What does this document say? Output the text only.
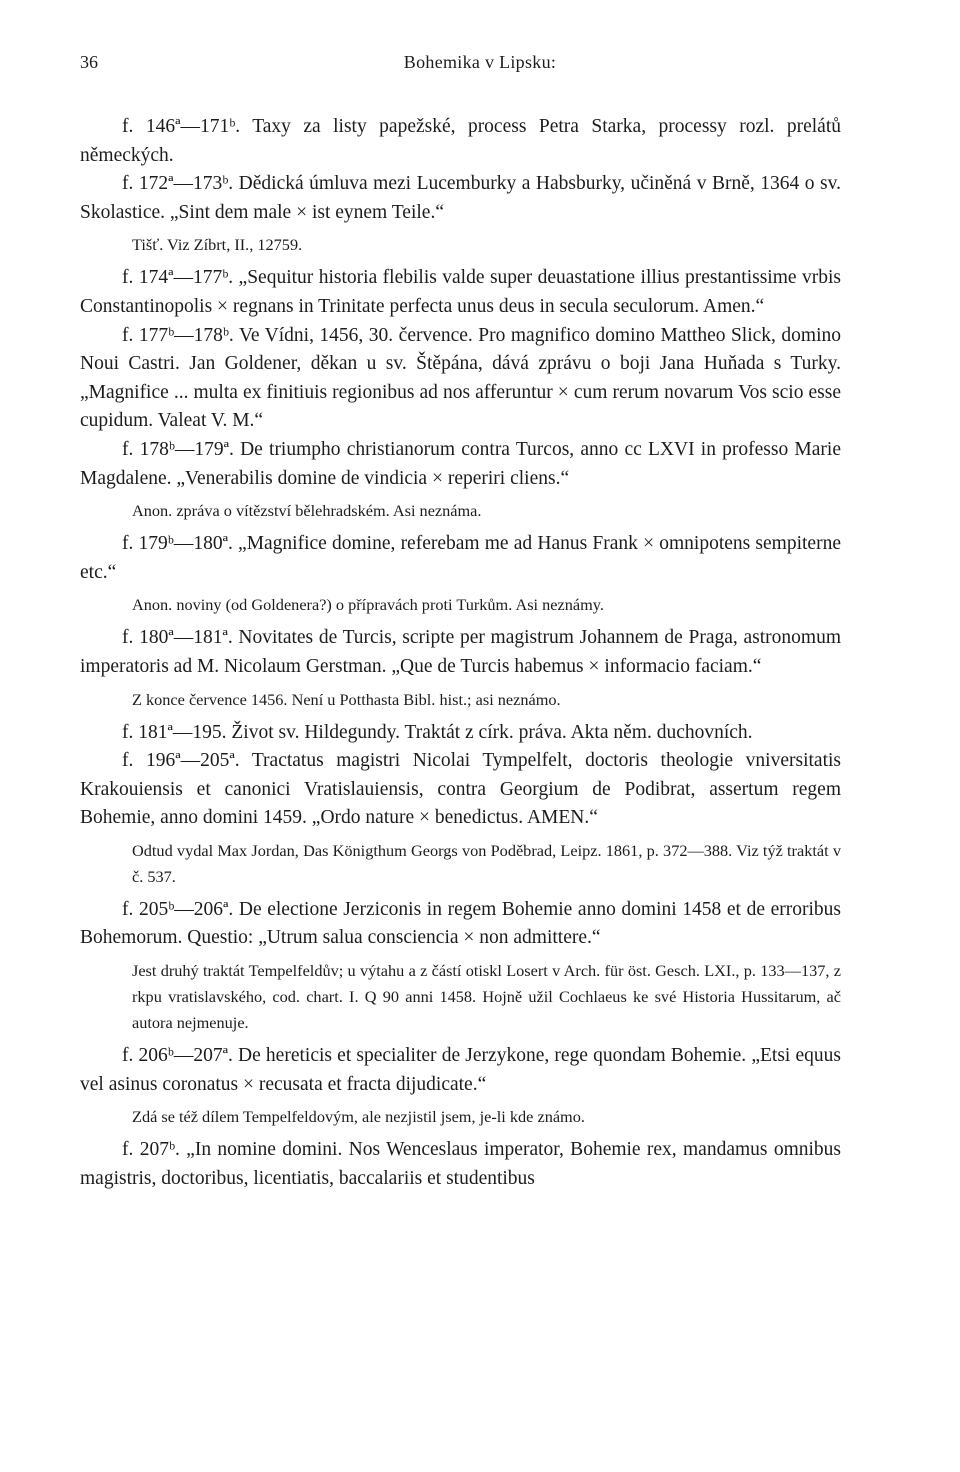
36	Bohemika v Lipsku:

f. 146ª—171ᵇ. Taxy za listy papežské, process Petra Starka, processy rozl. prelátů německých.

f. 172ª—173ᵇ. Dědická úmluva mezi Lucemburky a Habsburky, učiněná v Brně, 1364 o sv. Skolastice. „Sint dem male × ist eynem Teile.“

Tišť. Viz Zíbrt, II., 12759.

f. 174ª—177ᵇ. „Sequitur historia flebilis valde super deuastatione illius prestantissime vrbis Constantinopolis × regnans in Trinitate perfecta unus deus in secula seculorum. Amen.“

f. 177ᵇ—178ᵇ. Ve Vídni, 1456, 30. července. Pro magnifico domino Mattheo Slick, domino Noui Castri. Jan Goldener, děkan u sv. Štěpána, dává zprávu o boji Jana Huňada s Turky. „Magnifice ... multa ex finitiuis regionibus ad nos afferuntur × cum rerum novarum Vos scio esse cupidum. Valeat V. M.“

f. 178ᵇ—179ª. De triumpho christianorum contra Turcos, anno cc LXVI in professo Marie Magdalene. „Venerabilis domine de vindicia × reperiri cliens.“

Anon. zpráva o vítězství bělehradském. Asi neznáma.

f. 179ᵇ—180ª. „Magnifice domine, referebam me ad Hanus Frank × omnipotens sempiterne etc.“

Anon. noviny (od Goldenera?) o přípravách proti Turkům. Asi neznámy.

f. 180ª—181ª. Novitates de Turcis, scripte per magistrum Johannem de Praga, astronomum imperatoris ad M. Nicolaum Gerstman. „Que de Turcis habemus × informacio faciam.“

Z konce července 1456. Není u Potthasta Bibl. hist.; asi neznámo.

f. 181ª—195. Život sv. Hildegundy. Traktát z círk. práva. Akta něm. duchovních.

f. 196ª—205ª. Tractatus magistri Nicolai Tympelfelt, doctoris theologie vniversitatis Krakouiensis et canonici Vratislauiensis, contra Georgium de Podibrat, assertum regem Bohemie, anno domini 1459. „Ordo nature × benedictus. AMEN.“

Odtud vydal Max Jordan, Das Königthum Georgs von Poděbrad, Leipz. 1861, p. 372—388. Viz týž traktát v č. 537.

f. 205ᵇ—206ª. De electione Jerziconis in regem Bohemie anno domini 1458 et de erroribus Bohemorum. Questio: „Utrum salua consciencia × non admittere.“

Jest druhý traktát Tempelfeldův; u výtahu a z částí otiskl Losert v Arch. für öst. Gesch. LXI., p. 133—137, z rkpu vratislavského, cod. chart. I. Q 90 anni 1458. Hojně užil Cochlaeus ke své Historia Hussitarum, ač autora nejmenuje.

f. 206ᵇ—207ª. De hereticis et specialiter de Jerzykone, rege quondam Bohemie. „Etsi equus vel asinus coronatus × recusata et fracta dijudicate.“

Zdá se též dílem Tempelfeldovým, ale nezjistil jsem, je-li kde známo.

f. 207ᵇ. „In nomine domini. Nos Wenceslaus imperator, Bohemie rex, mandamus omnibus magistris, doctoribus, licentiatis, baccalariis et studentibus
